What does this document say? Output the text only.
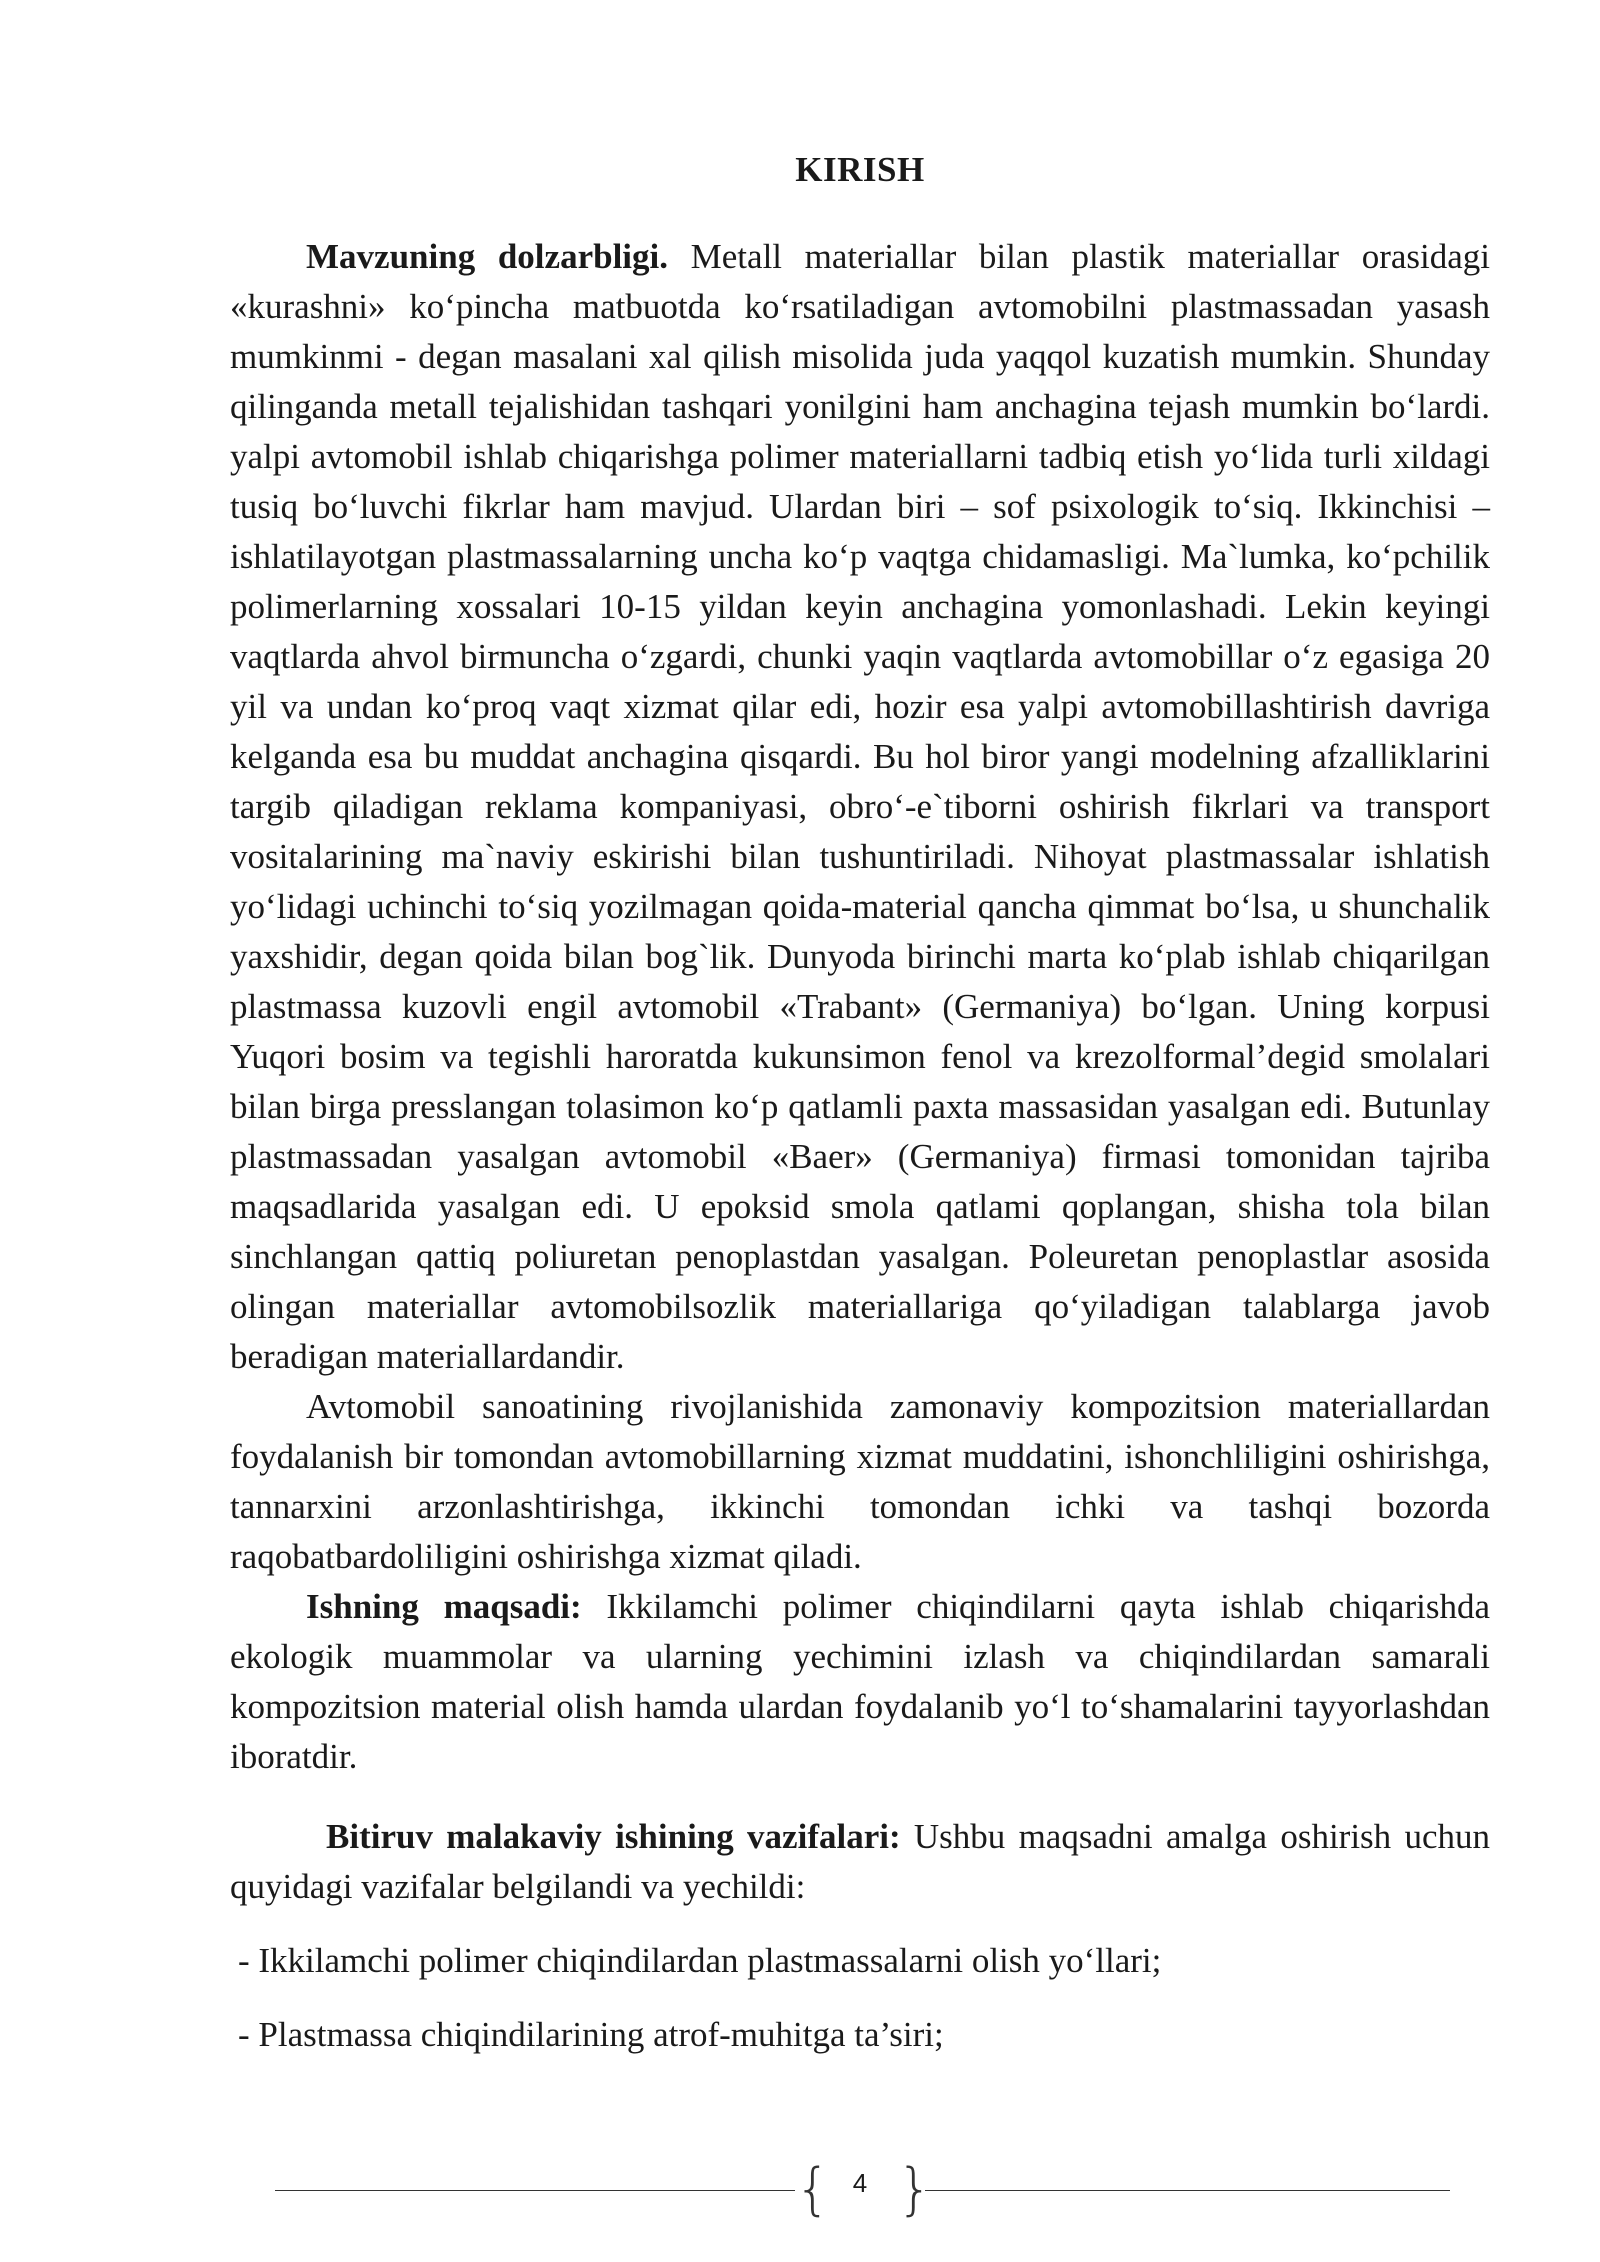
KIRISH

Mavzuning dolzarbligi. Metall materiallar bilan plastik materiallar orasidagi «kurashni» ko‘pincha matbuotda ko‘rsatiladigan avtomobilni plastmassadan yasash mumkinmi - degan masalani xal qilish misolida juda yaqqol kuzatish mumkin. Shunday qilinganda metall tejalishidan tashqari yonilgini ham anchagina tejash mumkin bo‘lardi. yalpi avtomobil ishlab chiqarishga polimer materiallarni tadbiq etish yo‘lida turli xildagi tusiq bo‘luvchi fikrlar ham mavjud. Ulardan biri – sof psixologik to‘siq. Ikkinchisi – ishlatilayotgan plastmassalarning uncha ko‘p vaqtga chidamasligi. Ma`lumka, ko‘pchilik polimerlarning xossalari 10-15 yildan keyin anchagina yomonlashadi. Lekin keyingi vaqtlarda ahvol birmuncha o‘zgardi, chunki yaqin vaqtlarda avtomobillar o‘z egasiga 20 yil va undan ko‘proq vaqt xizmat qilar edi, hozir esa yalpi avtomobillashtirish davriga kelganda esa bu muddat anchagina qisqardi. Bu hol biror yangi modelning afzalliklarini targib qiladigan reklama kompaniyasi, obro‘-e`tiborni oshirish fikrlari va transport vositalarining ma`naviy eskirishi bilan tushuntiriladi. Nihoyat plastmassalar ishlatish yo‘lidagi uchinchi to‘siq yozilmagan qoida-material qancha qimmat bo‘lsa, u shunchalik yaxshidir, degan qoida bilan bog`lik. Dunyoda birinchi marta ko‘plab ishlab chiqarilgan plastmassa kuzovli engil avtomobil «Trabant» (Germaniya) bo‘lgan. Uning korpusi Yuqori bosim va tegishli haroratda kukunsimon fenol va krezolformal’degid smolalari bilan birga presslangan tolasimon ko‘p qatlamli paxta massasidan yasalgan edi. Butunlay plastmassadan yasalgan avtomobil «Baer» (Germaniya) firmasi tomonidan tajriba maqsadlarida yasalgan edi. U epoksid smola qatlami qoplangan, shisha tola bilan sinchlangan qattiq poliuretan penoplastdan yasalgan. Poleuretan penoplastlar asosida olingan materiallar avtomobilsozlik materiallariga qo‘yiladigan talablarga javob beradigan materiallardandir.

Avtomobil sanoatining rivojlanishida zamonaviy kompozitsion materiallardan foydalanish bir tomondan avtomobillarning xizmat muddatini, ishonchliligini oshirishga, tannarxini arzonlashtirishga, ikkinchi tomondan ichki va tashqi bozorda raqobatbardoliligini oshirishga xizmat qiladi.

Ishning maqsadi: Ikkilamchi polimer chiqindilarni qayta ishlab chiqarishda ekologik muammolar va ularning yechimini izlash va chiqindilardan samarali kompozitsion material olish hamda ulardan foydalanib yo‘l to‘shamalarini tayyorlashdan iboratdir.

Bitiruv malakaviy ishining vazifalari: Ushbu maqsadni amalga oshirish uchun quyidagi vazifalar belgilandi va yechildi:

- Ikkilamchi polimer chiqindilardan plastmassalarni olish yo‘llari;

- Plastmassa chiqindilarining atrof-muhitga ta’siri;

{ 4 }
